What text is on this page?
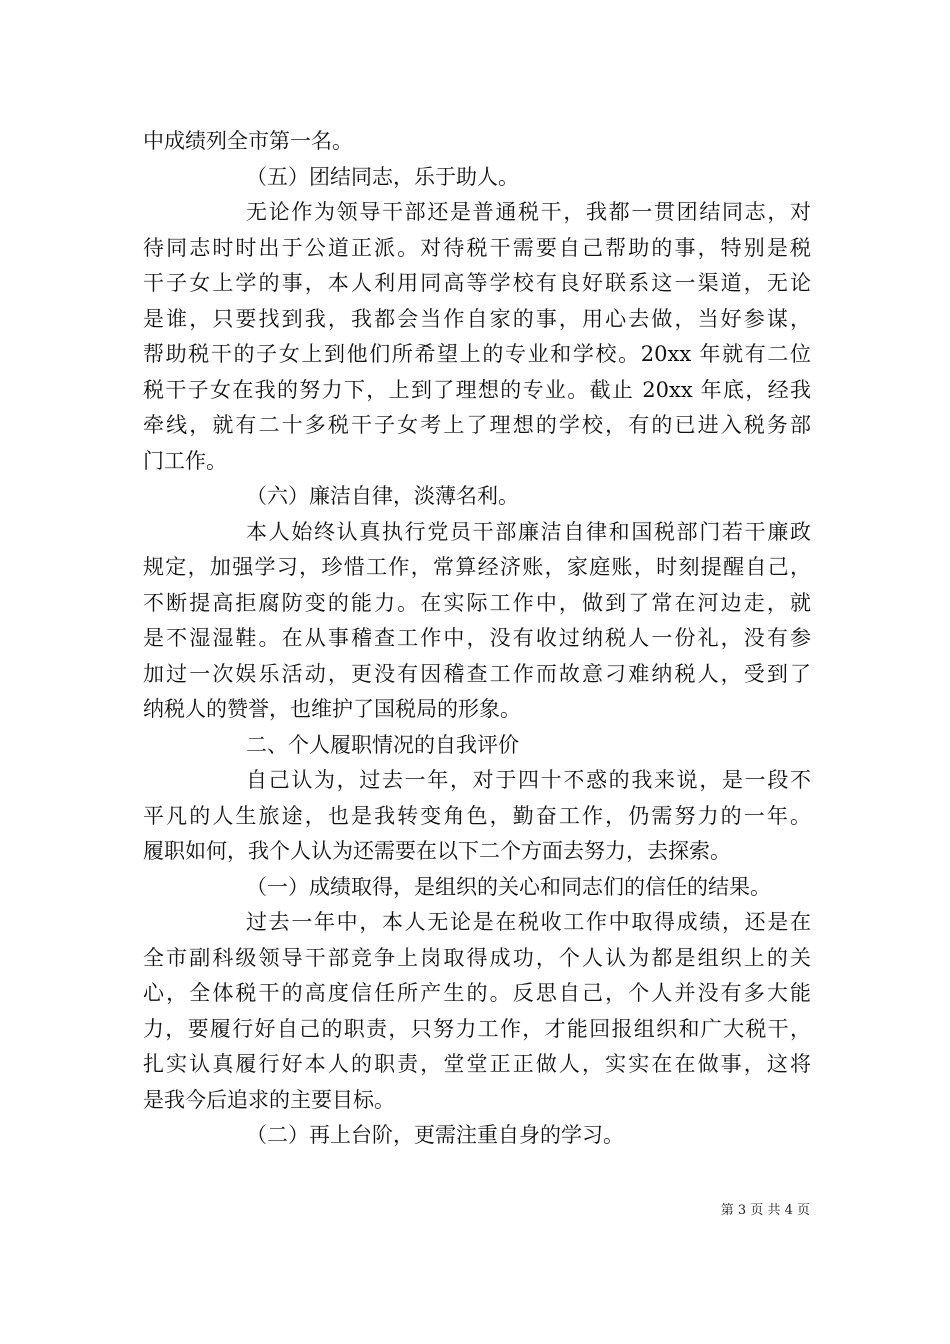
中成绩列全市第一名。
（五）团结同志，乐于助人。
无论作为领导干部还是普通税干，我都一贯团结同志，对
待同志时时出于公道正派。对待税干需要自己帮助的事，特别是税
干子女上学的事，本人利用同高等学校有良好联系这一渠道，无论
是谁，只要找到我，我都会当作自家的事，用心去做，当好参谋，
帮助税干的子女上到他们所希望上的专业和学校。20xx 年就有二位
税干子女在我的努力下，上到了理想的专业。截止 20xx 年底，经我
牵线，就有二十多税干子女考上了理想的学校，有的已进入税务部
门工作。
（六）廉洁自律，淡薄名利。
本人始终认真执行党员干部廉洁自律和国税部门若干廉政
规定，加强学习，珍惜工作，常算经济账，家庭账，时刻提醒自己，
不断提高拒腐防变的能力。在实际工作中，做到了常在河边走，就
是不湿湿鞋。在从事稽查工作中，没有收过纳税人一份礼，没有参
加过一次娱乐活动，更没有因稽查工作而故意刁难纳税人，受到了
纳税人的赞誉，也维护了国税局的形象。
二、个人履职情况的自我评价
自己认为，过去一年，对于四十不惑的我来说，是一段不
平凡的人生旅途，也是我转变角色，勤奋工作，仍需努力的一年。
履职如何，我个人认为还需要在以下二个方面去努力，去探索。
（一）成绩取得，是组织的关心和同志们的信任的结果。
过去一年中，本人无论是在税收工作中取得成绩，还是在
全市副科级领导干部竞争上岗取得成功，个人认为都是组织上的关
心，全体税干的高度信任所产生的。反思自己，个人并没有多大能
力，要履行好自己的职责，只努力工作，才能回报组织和广大税干，
扎实认真履行好本人的职责，堂堂正正做人，实实在在做事，这将
是我今后追求的主要目标。
（二）再上台阶，更需注重自身的学习。
第 3 页 共 4 页
